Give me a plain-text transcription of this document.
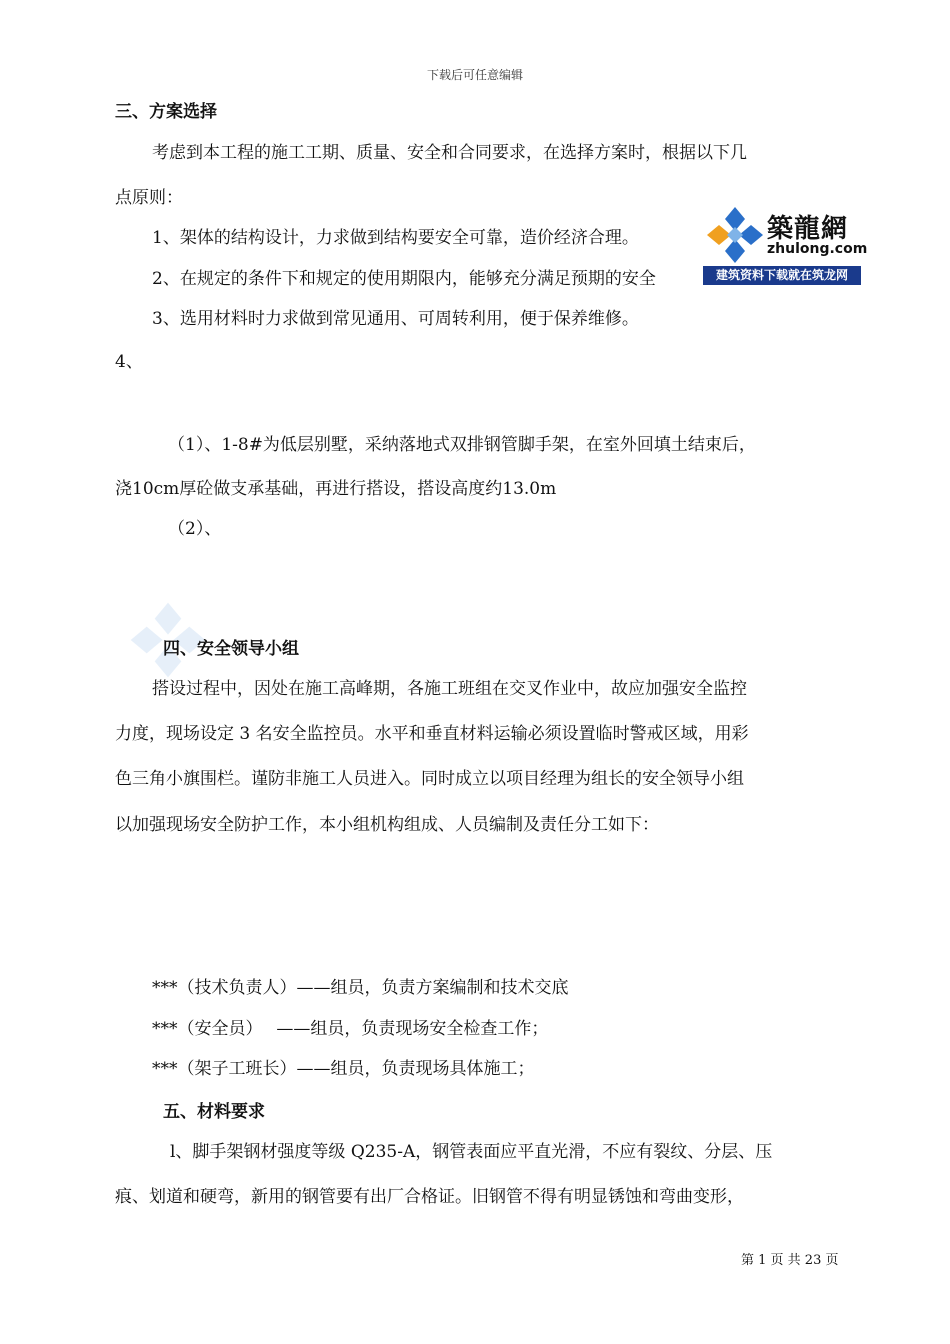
下载后可任意编辑
三、方案选择
考虑到本工程的施工工期、质量、安全和合同要求，在选择方案时，根据以下几
点原则：
1、架体的结构设计，力求做到结构要安全可靠，造价经济合理。
2、在规定的条件下和规定的使用期限内，能够充分满足预期的安全
3、选用材料时力求做到常见通用、可周转利用，便于保养维修。
4、
（1）、1-8#为低层别墅，采纳落地式双排钢管脚手架，在室外回填土结束后，
浇10cm厚砼做支承基础，再进行搭设，搭设高度约13.0m
（2）、
築龍網
zhulong.com
建筑资料下载就在筑龙网
四、安全领导小组
搭设过程中，因处在施工高峰期，各施工班组在交叉作业中，故应加强安全监控
力度，现场设定 3 名安全监控员。水平和垂直材料运输必须设置临时警戒区域，用彩
色三角小旗围栏。谨防非施工人员进入。同时成立以项目经理为组长的安全领导小组
以加强现场安全防护工作，本小组机构组成、人员编制及责任分工如下：
***（技术负责人）——组员，负责方案编制和技术交底
***（安全员）　 ——组员，负责现场安全检查工作；
***（架子工班长）——组员，负责现场具体施工；
五、材料要求
l、脚手架钢材强度等级 Q235-A，钢管表面应平直光滑，不应有裂纹、分层、压
痕、划道和硬弯，新用的钢管要有出厂合格证。旧钢管不得有明显锈蚀和弯曲变形，
第 1 页 共 23 页
